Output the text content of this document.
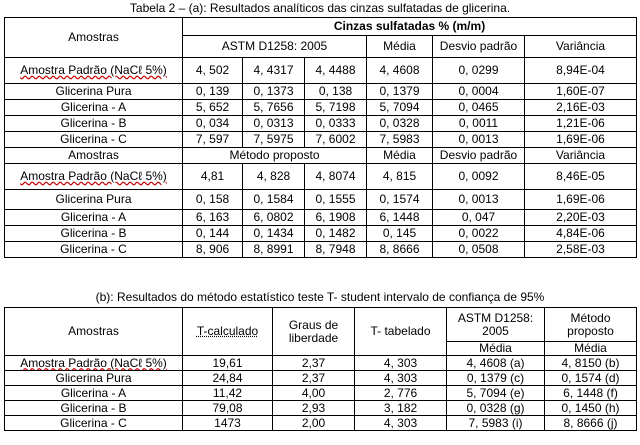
Tabela 2 – (a): Resultados analíticos das cinzas sulfatadas de glicerina.
Amostras	Cinzas sulfatadas % (m/m)					
	ASTM D1258: 2005			Média	Desvio padrão	Variância
Amostra Padrão (NaCℓ 5%)	4, 502	4, 4317	4, 4488	4, 4608	0, 0299	8,94E-04
Glicerina Pura	0, 139	0, 1373	0, 138	0, 1379	0, 0004	1,60E-07
Glicerina - A	5, 652	5, 7656	5, 7198	5, 7094	0, 0465	2,16E-03
Glicerina - B	0, 034	0, 0313	0, 0333	0, 0328	0, 0011	1,21E-06
Glicerina - C	7, 597	7, 5975	7, 6002	7, 5983	0, 0013	1,69E-06
Amostras	Método proposto			Média	Desvio padrão	Variância
Amostra Padrão (NaCℓ 5%)	4,81	4, 828	4, 8074	4, 815	0, 0092	8,46E-05
Glicerina Pura	0, 158	0, 1584	0, 1555	0, 1574	0, 0013	1,69E-06
Glicerina - A	6, 163	6, 0802	6, 1908	6, 1448	0, 047	2,20E-03
Glicerina - B	0, 144	0, 1434	0, 1482	0, 145	0, 0022	4,84E-06
Glicerina - C	8, 906	8, 8991	8, 7948	8, 8666	0, 0508	2,58E-03
(b): Resultados do método estatístico teste T- student intervalo de confiança de 95%
Amostras	T-calculado	Graus de liberdade	T- tabelado	ASTM D1258: 2005	Método proposto
				Média	Média
Amostra Padrão (NaCℓ 5%)	19,61	2,37	4, 303	4, 4608 (a)	4, 8150 (b)
Glicerina Pura	24,84	2,37	4, 303	0, 1379 (c)	0, 1574 (d)
Glicerina - A	11,42	4,00	2, 776	5, 7094 (e)	6, 1448 (f)
Glicerina - B	79,08	2,93	3, 182	0, 0328 (g)	0, 1450 (h)
Glicerina - C	1473	2,00	4, 303	7, 5983 (i)	8, 8666 (j)
